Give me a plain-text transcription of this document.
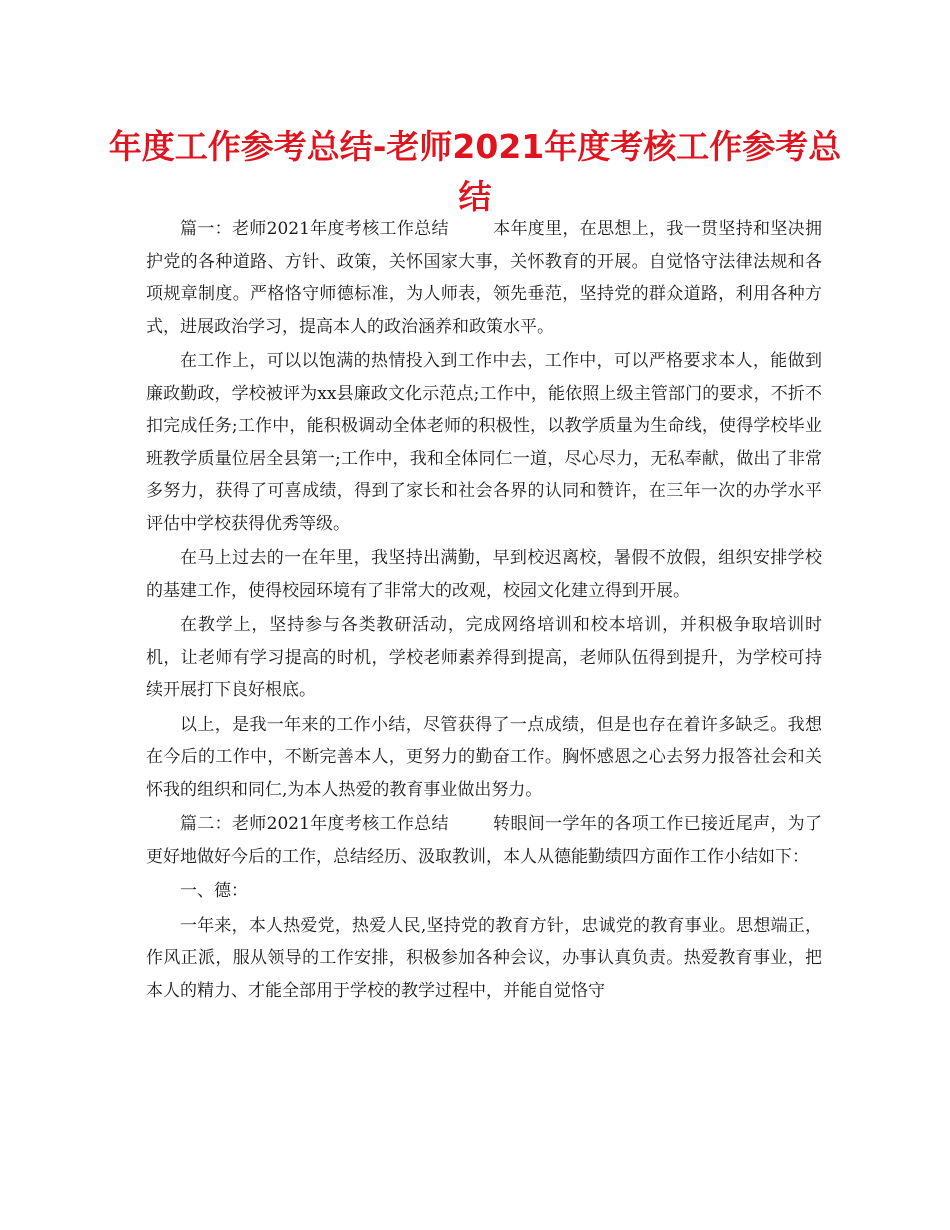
年度工作参考总结-老师2021年度考核工作参考总结

篇一：老师2021年度考核工作总结	本年度里，在思想上，我一贯坚持和坚决拥护党的各种道路、方针、政策，关怀国家大事，关怀教育的开展。自觉恪守法律法规和各项规章制度。严格恪守师德标准，为人师表，领先垂范，坚持党的群众道路，利用各种方式，进展政治学习，提高本人的政治涵养和政策水平。

在工作上，可以以饱满的热情投入到工作中去，工作中，可以严格要求本人，能做到廉政勤政，学校被评为xx县廉政文化示范点;工作中，能依照上级主管部门的要求，不折不扣完成任务;工作中，能积极调动全体老师的积极性，以教学质量为生命线，使得学校毕业班教学质量位居全县第一;工作中，我和全体同仁一道，尽心尽力，无私奉献，做出了非常多努力，获得了可喜成绩，得到了家长和社会各界的认同和赞许，在三年一次的办学水平评估中学校获得优秀等级。

在马上过去的一在年里，我坚持出满勤，早到校迟离校，暑假不放假，组织安排学校的基建工作，使得校园环境有了非常大的改观，校园文化建立得到开展。

在教学上，坚持参与各类教研活动，完成网络培训和校本培训，并积极争取培训时机，让老师有学习提高的时机，学校老师素养得到提高，老师队伍得到提升，为学校可持续开展打下良好根底。

以上，是我一年来的工作小结，尽管获得了一点成绩，但是也存在着许多缺乏。我想在今后的工作中，不断完善本人，更努力的勤奋工作。胸怀感恩之心去努力报答社会和关怀我的组织和同仁,为本人热爱的教育事业做出努力。

篇二：老师2021年度考核工作总结	转眼间一学年的各项工作已接近尾声，为了更好地做好今后的工作，总结经历、汲取教训，本人从德能勤绩四方面作工作小结如下：

一、德：

一年来，本人热爱党，热爱人民,坚持党的教育方针，忠诚党的教育事业。思想端正，作风正派，服从领导的工作安排，积极参加各种会议，办事认真负责。热爱教育事业，把本人的精力、才能全部用于学校的教学过程中，并能自觉恪守
